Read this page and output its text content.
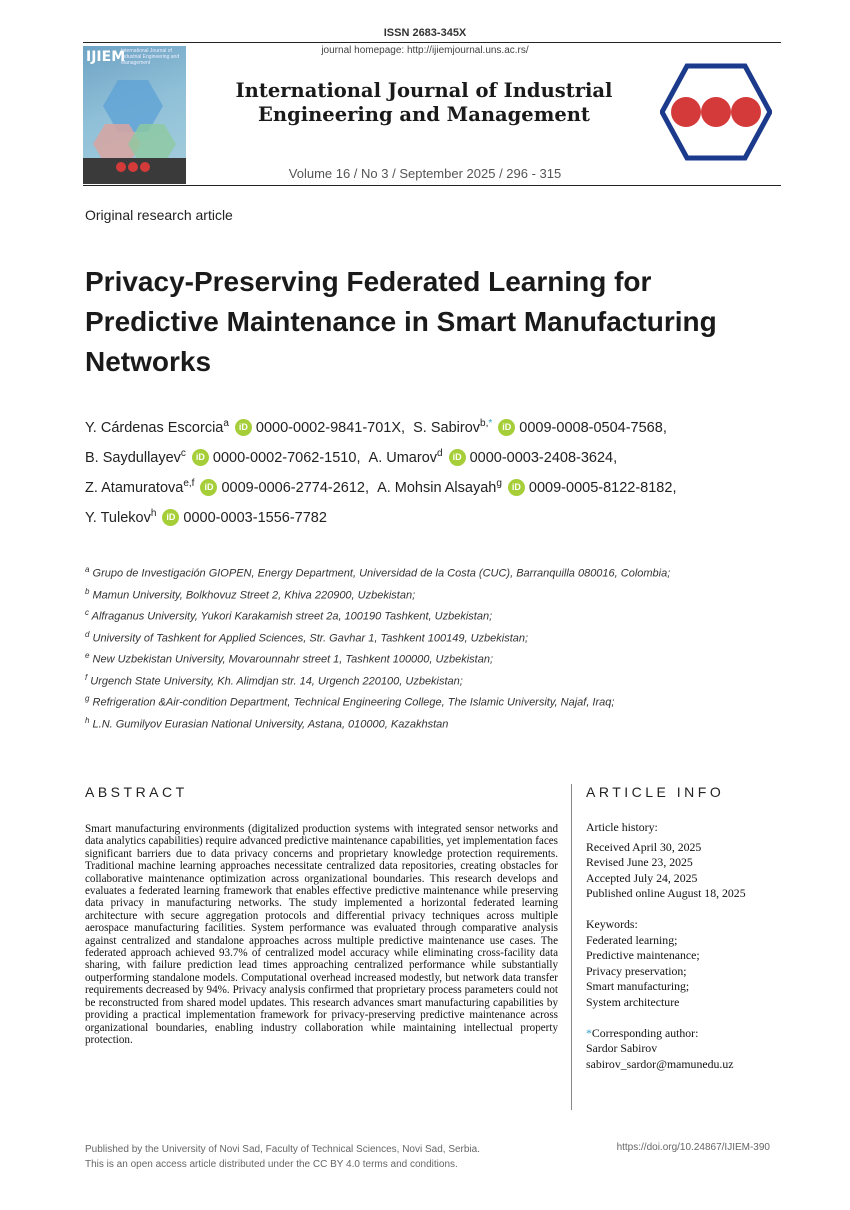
ISSN 2683-345X
journal homepage: http://ijiemjournal.uns.ac.rs/
IJIEM
International Journal of Industrial Engineering and Management
International Journal of Industrial
Engineering and Management
Volume 16 / No 3 / September 2025 / 296 - 315
Original research article
Privacy-Preserving Federated Learning for Predictive Maintenance in Smart Manufacturing Networks
Y. Cárdenas Escorcia$^a$ iD 0000-0002-9841-701X,  S. Sabirov$^{b,*}$ iD 0009-0008-0504-7568,
B. Saydullayev$^c$ iD 0000-0002-7062-1510,  A. Umarov$^d$ iD 0000-0003-2408-3624,
Z. Atamuratova$^{e,f}$ iD 0009-0006-2774-2612,  A. Mohsin Alsayah$^g$ iD 0009-0005-8122-8182,
Y. Tulekov$^h$ iD 0000-0003-1556-7782
$^a$ Grupo de Investigación GIOPEN, Energy Department, Universidad de la Costa (CUC), Barranquilla 080016, Colombia;
$^b$ Mamun University, Bolkhovuz Street 2, Khiva 220900, Uzbekistan;
$^c$ Alfraganus University, Yukori Karakamish street 2a, 100190 Tashkent, Uzbekistan;
$^d$ University of Tashkent for Applied Sciences, Str. Gavhar 1, Tashkent 100149, Uzbekistan;
$^e$ New Uzbekistan University, Movarounnahr street 1, Tashkent 100000, Uzbekistan;
$^f$ Urgench State University, Kh. Alimdjan str. 14, Urgench 220100, Uzbekistan;
$^g$ Refrigeration &Air-condition Department, Technical Engineering College, The Islamic University, Najaf, Iraq;
$^h$ L.N. Gumilyov Eurasian National University, Astana, 010000, Kazakhstan
ABSTRACT	ARTICLE INFO
Smart manufacturing environments (digitalized production systems with integrated sensor networks and data analytics capabilities) require advanced predictive maintenance capabilities, yet implementation faces significant barriers due to data privacy concerns and proprietary knowledge protection requirements. Traditional machine learning approaches necessitate centralized data repositories, creating obstacles for collaborative maintenance optimization across organizational boundaries. This research develops and evaluates a federated learning framework that enables effective predictive maintenance while preserving data privacy in manufacturing networks. The study implemented a horizontal federated learning architecture with secure aggregation protocols and differential privacy techniques across multiple aerospace manufacturing facilities. System performance was evaluated through comparative analysis against centralized and standalone approaches across multiple predictive maintenance use cases. The federated approach achieved 93.7% of centralized model accuracy while eliminating cross-facility data sharing, with failure prediction lead times approaching centralized performance while substantially outperforming standalone models. Computational overhead increased modestly, but network data transfer requirements decreased by 94%. Privacy analysis confirmed that proprietary process parameters could not be reconstructed from shared model updates. This research advances smart manufacturing capabilities by providing a practical implementation framework for privacy-preserving predictive maintenance across organizational boundaries, enabling industry collaboration while maintaining intellectual property protection.
Article history:
Received April 30, 2025
Revised June 23, 2025
Accepted July 24, 2025
Published online August 18, 2025
Keywords:
Federated learning;
Predictive maintenance;
Privacy preservation;
Smart manufacturing;
System architecture
*Corresponding author:
Sardor Sabirov
sabirov_sardor@mamunedu.uz
Published by the University of Novi Sad, Faculty of Technical Sciences, Novi Sad, Serbia.
This is an open access article distributed under the CC BY 4.0 terms and conditions.
https://doi.org/10.24867/IJIEM-390
